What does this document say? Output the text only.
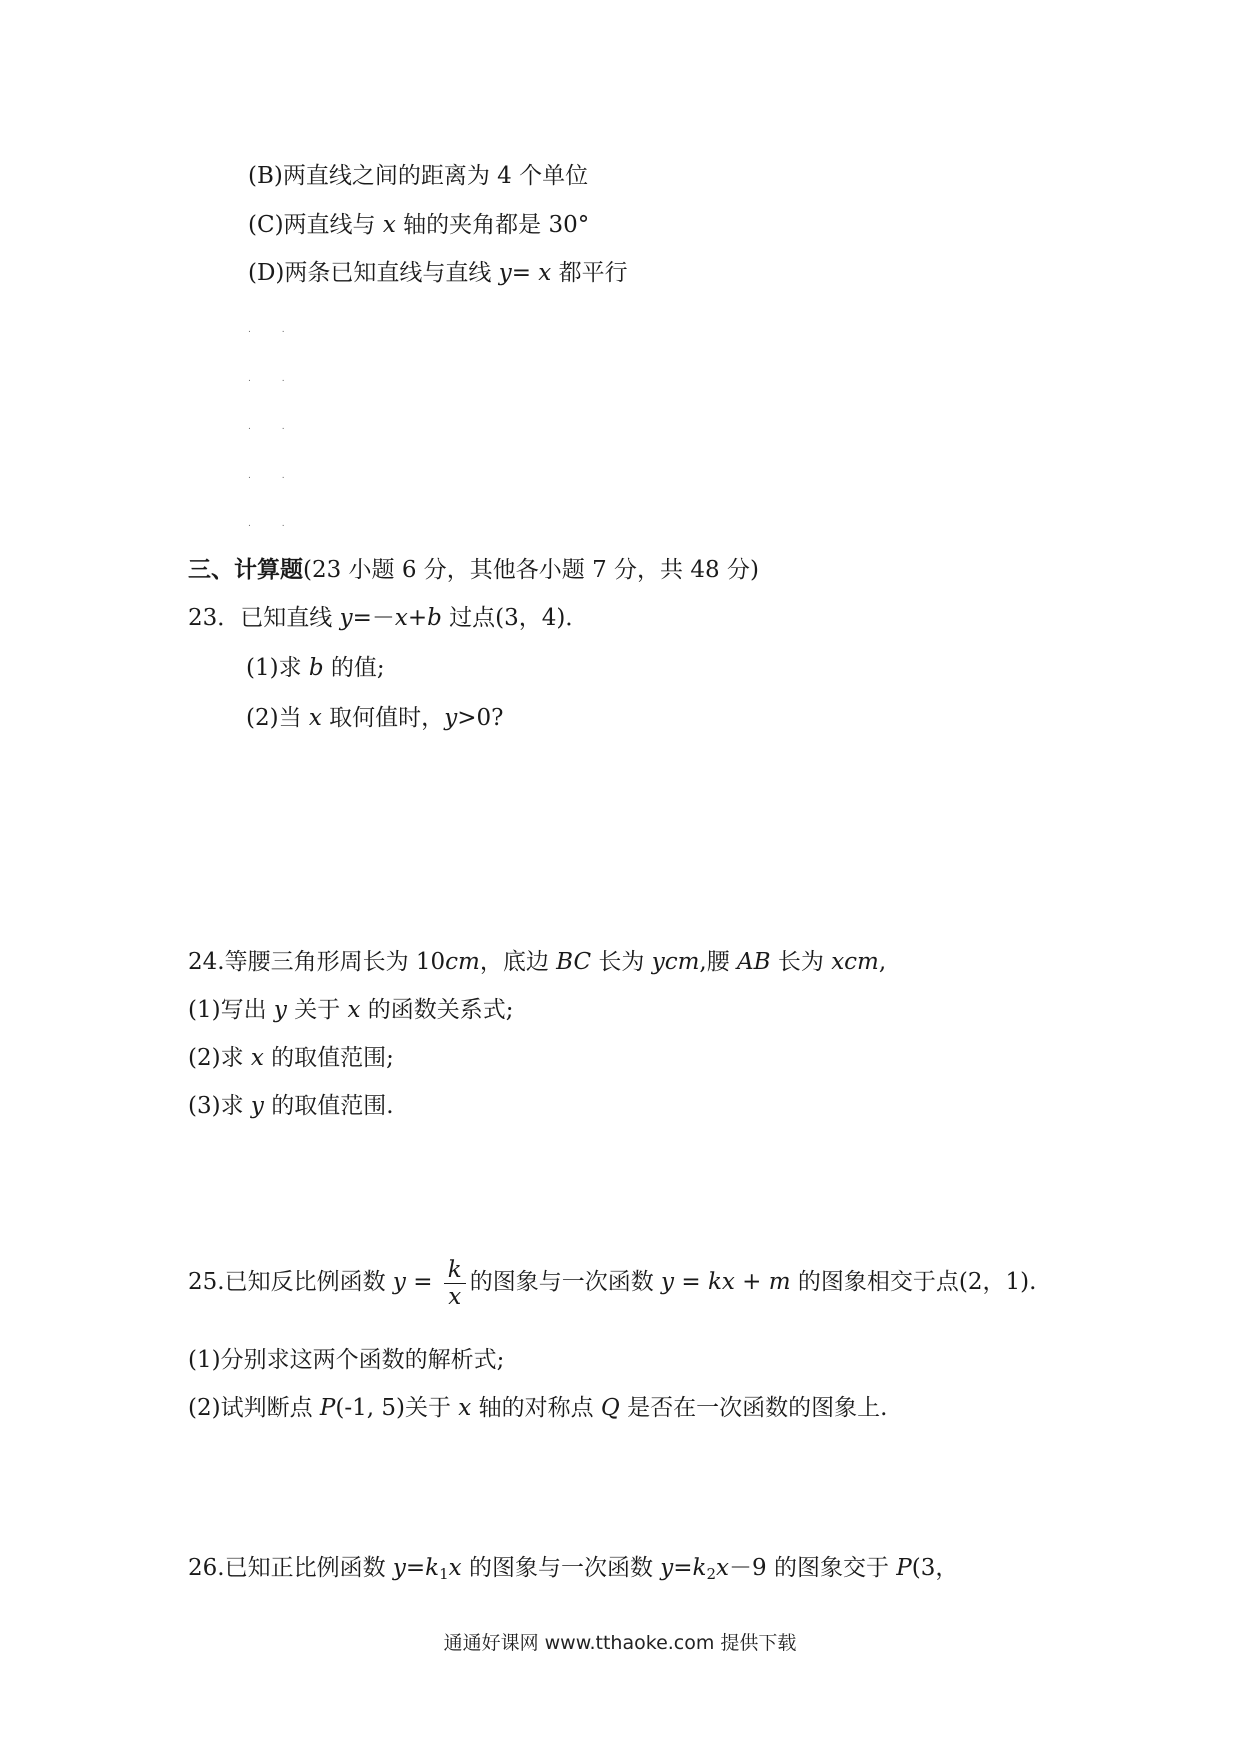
(B)两直线之间的距离为 4 个单位
(C)两直线与 x 轴的夹角都是 30°
(D)两条已知直线与直线 y= x 都平行
. .
. .
. .
. .
. .
三、计算题(23 小题 6 分，其他各小题 7 分，共 48 分)
23．已知直线 y=－x+b 过点(3，4)．
(1)求 b 的值;
(2)当 x 取何值时，y>0?
24.等腰三角形周长为 10cm，底边 BC 长为 ycm,腰 AB 长为 xcm,
(1)写出 y 关于 x 的函数关系式;
(2)求 x 的取值范围;
(3)求 y 的取值范围.
25.已知反比例函数 $y = \frac{k}{x}$ 的图象与一次函数 y = kx + m 的图象相交于点(2，1).
(1)分别求这两个函数的解析式;
(2)试判断点 P(-1, 5)关于 x 轴的对称点 Q 是否在一次函数的图象上.
26.已知正比例函数 $y=k_1x$ 的图象与一次函数 $y=k_2x-9$ 的图象交于 P(3，
通通好课网 www.tthaoke.com 提供下载
